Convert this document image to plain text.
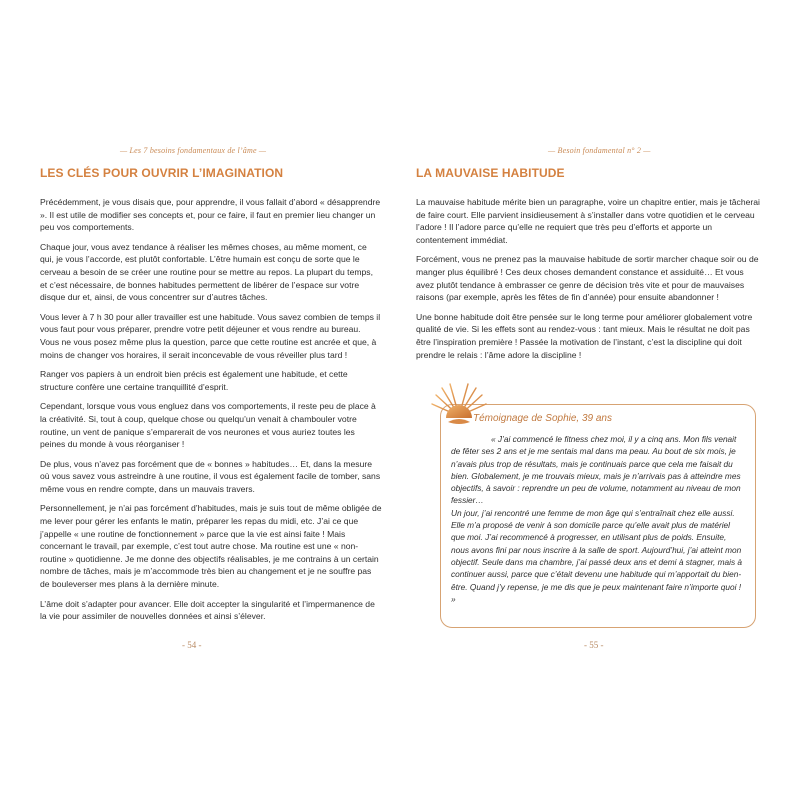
— Les 7 besoins fondamentaux de l’âme —
LES CLÉS POUR OUVRIR L’IMAGINATION

Précédemment, je vous disais que, pour apprendre, il vous fallait d’abord « désapprendre ». Il est utile de modifier ses concepts et, pour ce faire, il faut en premier lieu changer un peu vos comportements.

Chaque jour, vous avez tendance à réaliser les mêmes choses, au même moment, ce qui, je vous l’accorde, est plutôt confortable. L’être humain est conçu de sorte que le cerveau a besoin de se créer une routine pour se mettre au repos. La plupart du temps, et c’est nécessaire, de bonnes habitudes permettent de libérer de l’espace sur votre disque dur et, ainsi, de vous concentrer sur d’autres tâches.

Vous lever à 7 h 30 pour aller travailler est une habitude. Vous savez combien de temps il vous faut pour vous préparer, prendre votre petit déjeuner et vous rendre au bureau. Vous ne vous posez même plus la question, parce que cette routine est ancrée et que, à moins de changer vos horaires, il serait inconcevable de vous réveiller plus tard !

Ranger vos papiers à un endroit bien précis est également une habitude, et cette structure confère une certaine tranquillité d’esprit.

Cependant, lorsque vous vous engluez dans vos comportements, il reste peu de place à la créativité. Si, tout à coup, quelque chose ou quelqu’un venait à chambouler votre routine, un vent de panique s’emparerait de vos neurones et vous auriez toutes les peines du monde à vous réorganiser !

De plus, vous n’avez pas forcément que de « bonnes » habitudes… Et, dans la mesure où vous savez vous astreindre à une routine, il vous est également facile de tomber, sans même vous en rendre compte, dans un mauvais travers.

Personnellement, je n’ai pas forcément d’habitudes, mais je suis tout de même obligée de me lever pour gérer les enfants le matin, préparer les repas du midi, etc. J’ai ce que j’appelle « une routine de fonctionnement » parce que la vie est ainsi faite ! Mais concernant le travail, par exemple, c’est tout autre chose. Ma routine est une « non-routine » quotidienne. Je me donne des objectifs réalisables, je me contrains à un certain nombre de tâches, mais je m’accommode très bien au changement et je ne souffre pas de bouleverser mes plans à la dernière minute.

L’âme doit s’adapter pour avancer. Elle doit accepter la singularité et l’impermanence de la vie pour assimiler de nouvelles données et ainsi s’élever.

- 54 -
— Besoin fondamental n° 2 —
LA MAUVAISE HABITUDE

La mauvaise habitude mérite bien un paragraphe, voire un chapitre entier, mais je tâcherai de faire court. Elle parvient insidieusement à s’installer dans votre quotidien et le cerveau l’adore ! Il l’adore parce qu’elle ne requiert que très peu d’efforts et apporte un contentement immédiat.

Forcément, vous ne prenez pas la mauvaise habitude de sortir marcher chaque soir ou de manger plus équilibré ! Ces deux choses demandent constance et assiduité… Et vous avez plutôt tendance à embrasser ce genre de décision très vite et pour de mauvaises raisons (par exemple, après les fêtes de fin d’année) pour ensuite abandonner !

Une bonne habitude doit être pensée sur le long terme pour améliorer globalement votre qualité de vie. Si les effets sont au rendez-vous : tant mieux. Mais le résultat ne doit pas être l’inspiration première ! Passée la motivation de l’instant, c’est la discipline qui doit prendre le relais : l’âme adore la discipline !

Témoignage de Sophie, 39 ans

« J’ai commencé le fitness chez moi, il y a cinq ans. Mon fils venait de fêter ses 2 ans et je me sentais mal dans ma peau. Au bout de six mois, je n’avais plus trop de résultats, mais je continuais parce que cela me faisait du bien. Globalement, je me trouvais mieux, mais je n’arrivais pas à atteindre mes objectifs, à savoir : reprendre un peu de volume, notamment au niveau de mon fessier…

Un jour, j’ai rencontré une femme de mon âge qui s’entraînait chez elle aussi. Elle m’a proposé de venir à son domicile parce qu’elle avait plus de matériel que moi. J’ai recommencé à progresser, en utilisant plus de poids. Ensuite, nous avons fini par nous inscrire à la salle de sport. Aujourd’hui, j’ai atteint mon objectif. Seule dans ma chambre, j’ai passé deux ans et demi à stagner, mais à continuer aussi, parce que c’était devenu une habitude qui m’apportait du bien-être. Quand j’y repense, je me dis que je peux maintenant faire n’importe quoi ! »

- 55 -
